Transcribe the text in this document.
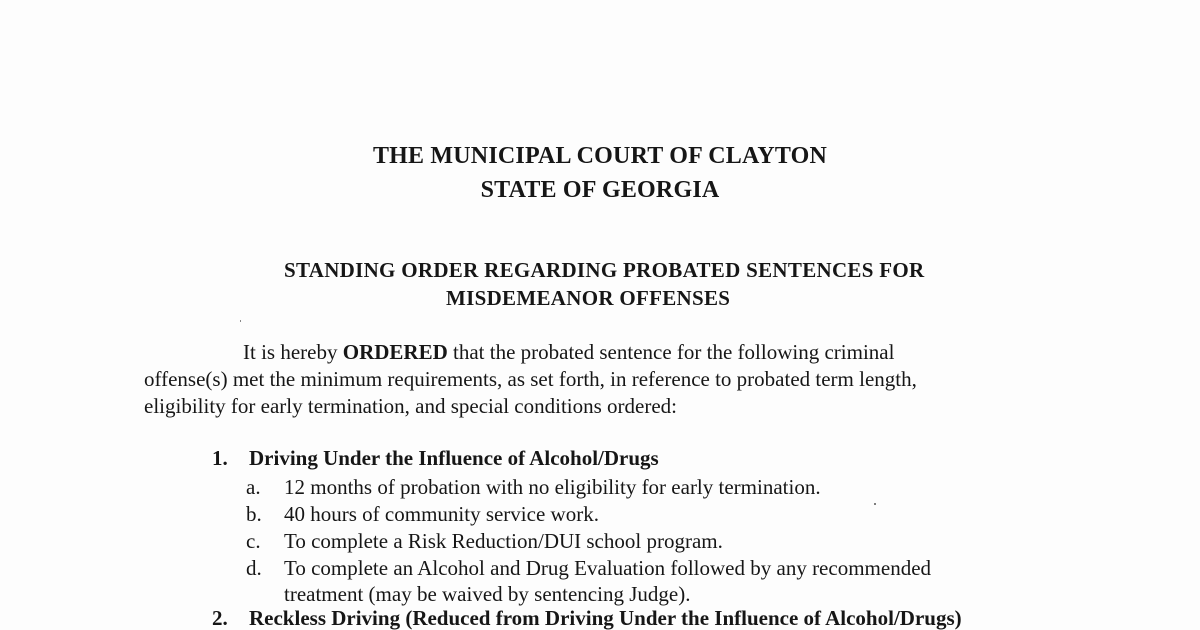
THE MUNICIPAL COURT OF CLAYTON
STATE OF GEORGIA
STANDING ORDER REGARDING PROBATED SENTENCES FOR
MISDEMEANOR OFFENSES
It is hereby ORDERED that the probated sentence for the following criminal
offense(s) met the minimum requirements, as set forth, in reference to probated term length,
eligibility for early termination, and special conditions ordered:
1. Driving Under the Influence of Alcohol/Drugs
a. 12 months of probation with no eligibility for early termination.
b. 40 hours of community service work.
c. To complete a Risk Reduction/DUI school program.
d. To complete an Alcohol and Drug Evaluation followed by any recommended
treatment (may be waived by sentencing Judge).
2. Reckless Driving (Reduced from Driving Under the Influence of Alcohol/Drugs)
